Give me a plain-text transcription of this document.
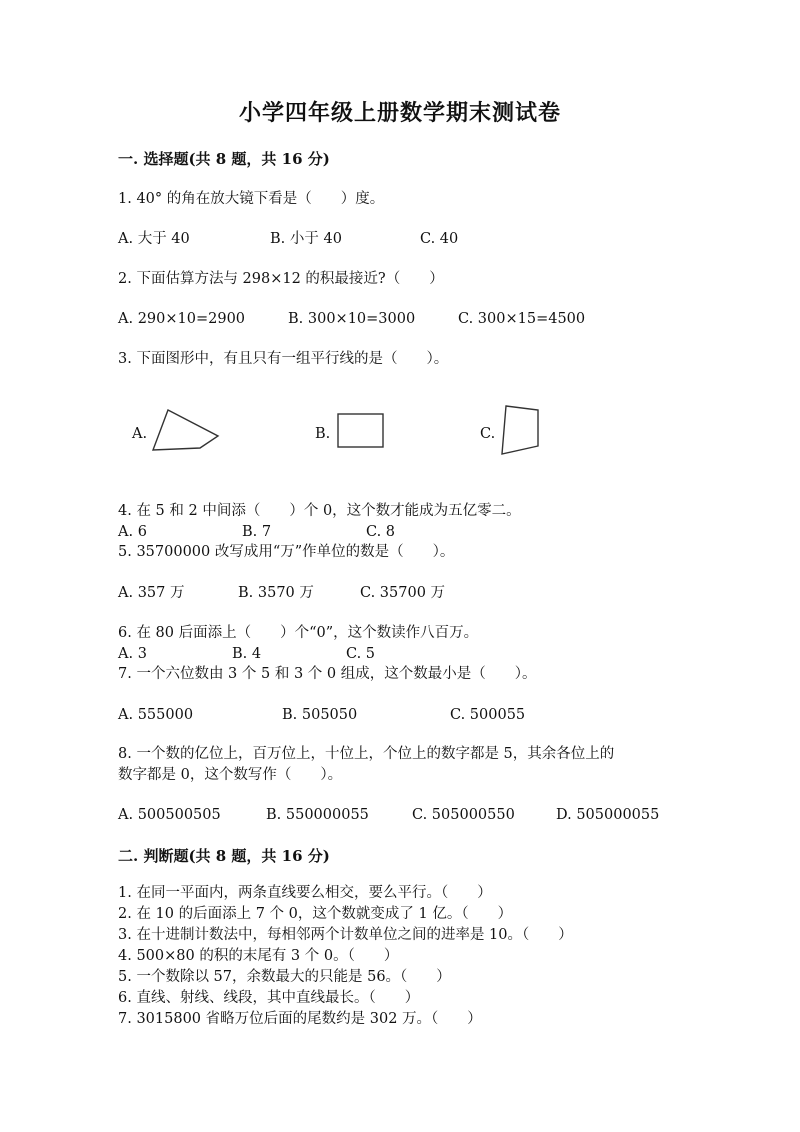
小学四年级上册数学期末测试卷
一. 选择题(共 8 题，共 16 分)
1. 40° 的角在放大镜下看是（　　）度。
A. 大于 40	B. 小于 40	C. 40
2. 下面估算方法与 298×12 的积最接近?（　　）
A. 290×10=2900	B. 300×10=3000	C. 300×15=4500
3. 下面图形中，有且只有一组平行线的是（　　）。
A.	B.	C.
4. 在 5 和 2 中间添（　　）个 0，这个数才能成为五亿零二。
A. 6	B. 7	C. 8
5. 35700000 改写成用“万”作单位的数是（　　）。
A. 357 万	B. 3570 万	C. 35700 万
6. 在 80 后面添上（　　）个“0”，这个数读作八百万。
A. 3	B. 4	C. 5
7. 一个六位数由 3 个 5 和 3 个 0 组成，这个数最小是（　　）。
A. 555000	B. 505050	C. 500055
8. 一个数的亿位上，百万位上，十位上，个位上的数字都是 5，其余各位上的
数字都是 0，这个数写作（　　）。
A. 500500505	B. 550000055	C. 505000550	D. 505000055
二. 判断题(共 8 题，共 16 分)
1. 在同一平面内，两条直线要么相交，要么平行。（　　）
2. 在 10 的后面添上 7 个 0，这个数就变成了 1 亿。（　　）
3. 在十进制计数法中，每相邻两个计数单位之间的进率是 10。（　　）
4. 500×80 的积的末尾有 3 个 0。（　　）
5. 一个数除以 57，余数最大的只能是 56。（　　）
6. 直线、射线、线段，其中直线最长。（　　）
7. 3015800 省略万位后面的尾数约是 302 万。（　　）
